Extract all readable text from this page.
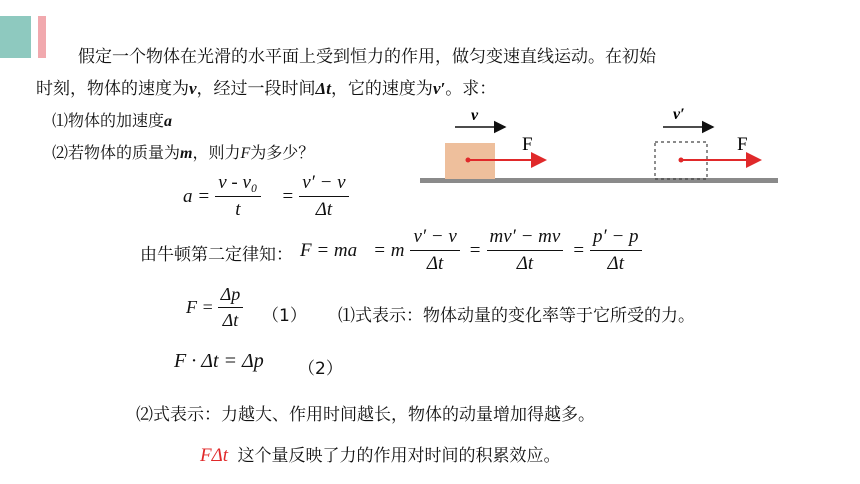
假定一个物体在光滑的水平面上受到恒力的作用，做匀变速直线运动。在初始
时刻，物体的速度为v，经过一段时间Δt，它的速度为v′。求：
⑴物体的加速度a
⑵若物体的质量为m，则力F为多少？
v
F
v′
F
$a = \frac{\text{v - v₀}}{t} = \frac{v' - v}{\Delta t}$
由牛顿第二定律知： F = ma = m $\frac{v' - v}{\Delta t} = \frac{mv' - mv}{\Delta t} = \frac{p' - p}{\Delta t}$
$F = \frac{\Delta p}{\Delta t} (1)$ ⑴式表示：物体动量的变化率等于它所受的力。
F · Δt = Δp （2）
⑵式表示：力越大、作用时间越长，物体的动量增加得越多。
FΔt 这个量反映了力的作用对时间的积累效应。
